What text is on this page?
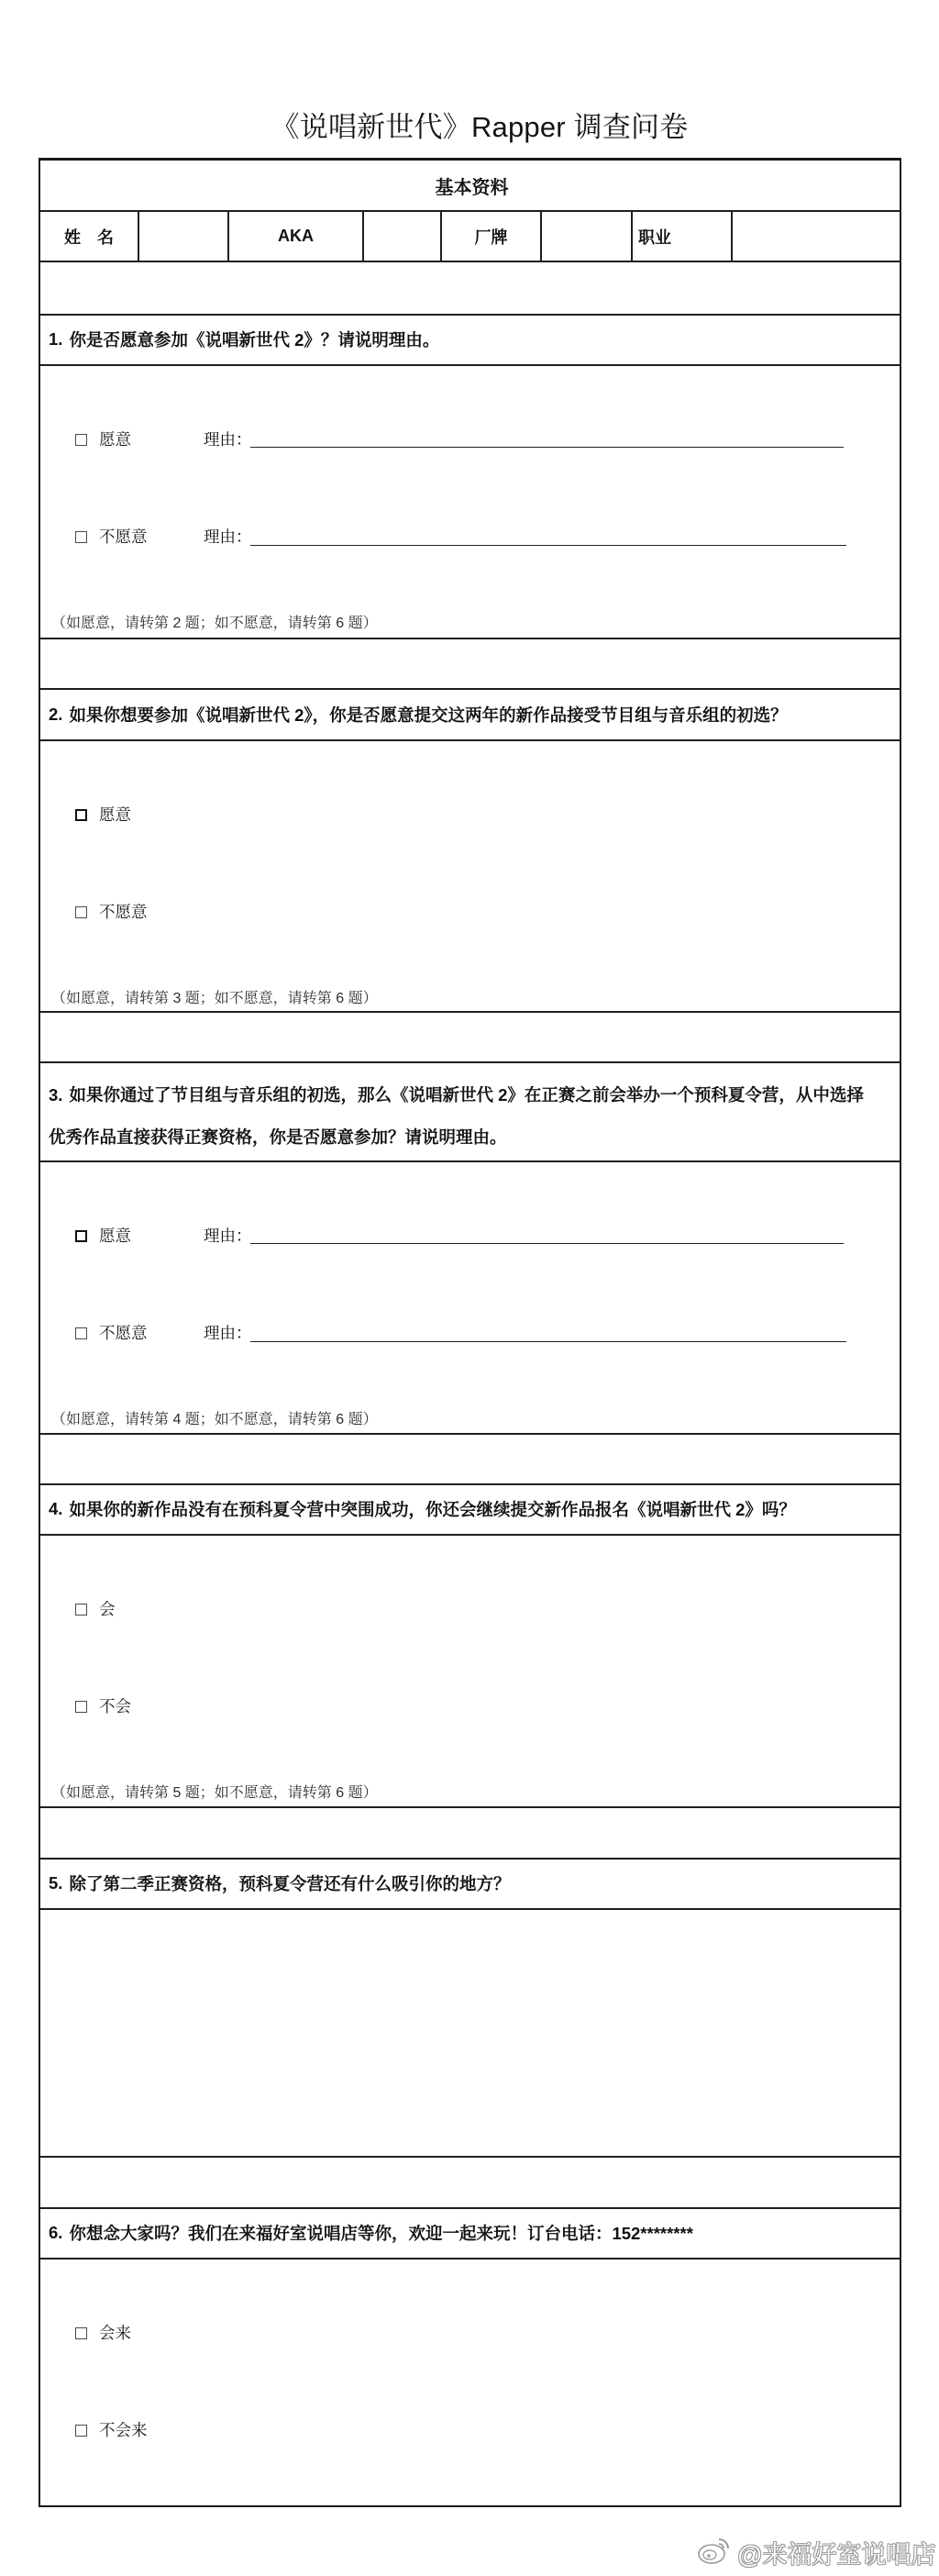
《说唱新世代》Rapper 调查问卷
基本资料
姓　名	AKA	厂牌	职业
1. 你是否愿意参加《说唱新世代 2》？请说明理由。
愿意	理由：
不愿意	理由：
（如愿意，请转第 2 题；如不愿意，请转第 6 题）
2. 如果你想要参加《说唱新世代 2》，你是否愿意提交这两年的新作品接受节目组与音乐组的初选？
愿意
不愿意
（如愿意，请转第 3 题；如不愿意，请转第 6 题）
3. 如果你通过了节目组与音乐组的初选，那么《说唱新世代 2》在正赛之前会举办一个预科夏令营，从中选择
优秀作品直接获得正赛资格，你是否愿意参加？请说明理由。
愿意	理由：
不愿意	理由：
（如愿意，请转第 4 题；如不愿意，请转第 6 题）
4. 如果你的新作品没有在预科夏令营中突围成功，你还会继续提交新作品报名《说唱新世代 2》吗？
会
不会
（如愿意，请转第 5 题；如不愿意，请转第 6 题）
5. 除了第二季正赛资格，预科夏令营还有什么吸引你的地方？
6. 你想念大家吗？我们在来福好室说唱店等你，欢迎一起来玩！订台电话：152********
会来
不会来
@来福好室说唱店
